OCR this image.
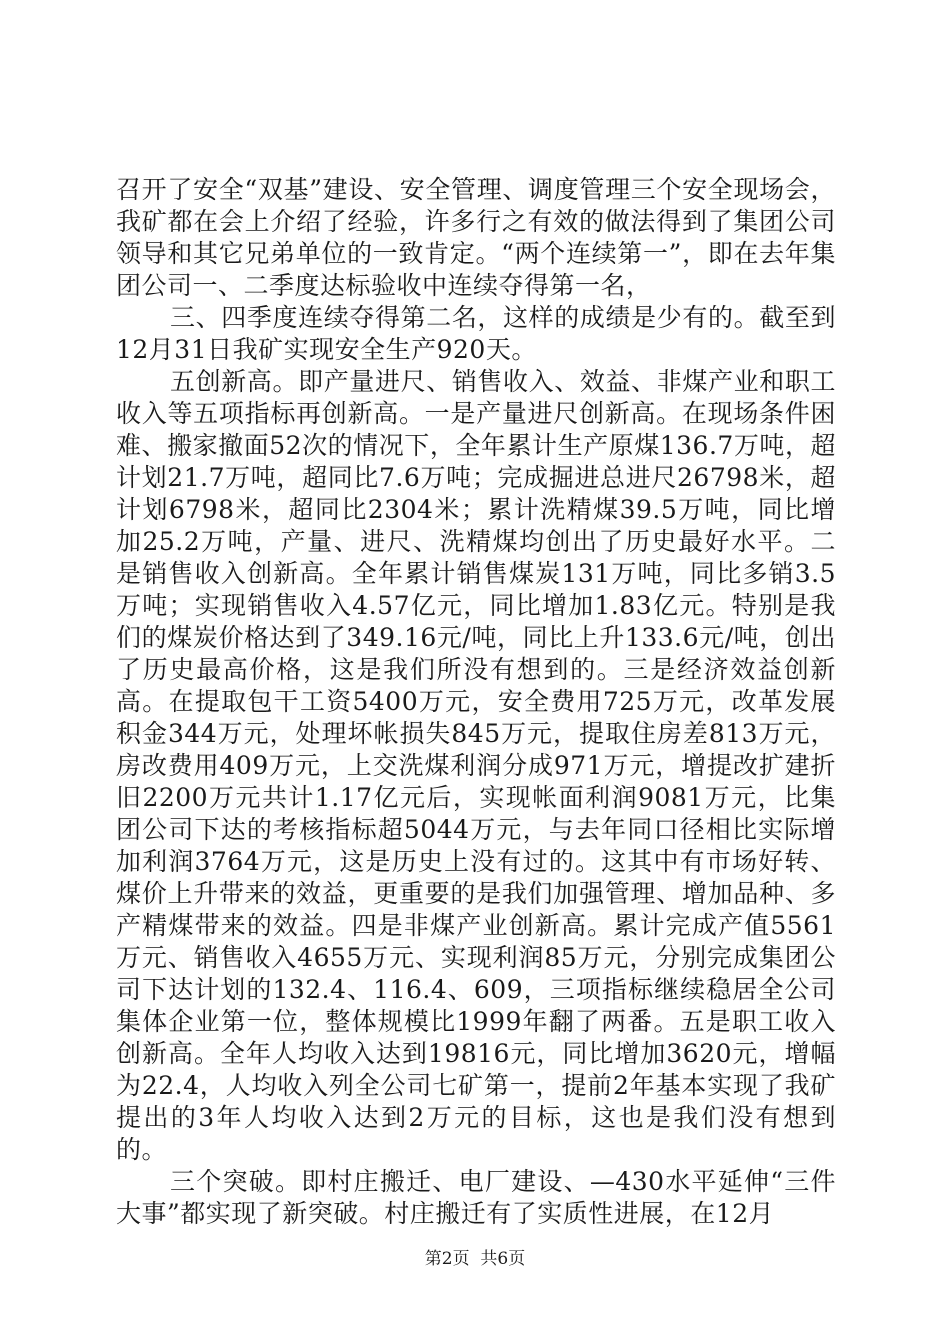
召开了安全“双基”建设、安全管理、调度管理三个安全现场会，我矿都在会上介绍了经验，许多行之有效的做法得到了集团公司领导和其它兄弟单位的一致肯定。“两个连续第一”，即在去年集团公司一、二季度达标验收中连续夺得第一名，

三、四季度连续夺得第二名，这样的成绩是少有的。截至到12月31日我矿实现安全生产920天。

五创新高。即产量进尺、销售收入、效益、非煤产业和职工收入等五项指标再创新高。一是产量进尺创新高。在现场条件困难、搬家撤面52次的情况下，全年累计生产原煤136.7万吨，超计划21.7万吨，超同比7.6万吨；完成掘进总进尺26798米，超计划6798米，超同比2304米；累计洗精煤39.5万吨，同比增加25.2万吨，产量、进尺、洗精煤均创出了历史最好水平。二是销售收入创新高。全年累计销售煤炭131万吨，同比多销3.5万吨；实现销售收入4.57亿元，同比增加1.83亿元。特别是我们的煤炭价格达到了349.16元/吨，同比上升133.6元/吨，创出了历史最高价格，这是我们所没有想到的。三是经济效益创新高。在提取包干工资5400万元，安全费用725万元，改革发展积金344万元，处理坏帐损失845万元，提取住房差813万元，房改费用409万元，上交洗煤利润分成971万元，增提改扩建折旧2200万元共计1.17亿元后，实现帐面利润9081万元，比集团公司下达的考核指标超5044万元，与去年同口径相比实际增加利润3764万元，这是历史上没有过的。这其中有市场好转、煤价上升带来的效益，更重要的是我们加强管理、增加品种、多产精煤带来的效益。四是非煤产业创新高。累计完成产值5561万元、销售收入4655万元、实现利润85万元，分别完成集团公司下达计划的132.4、116.4、609，三项指标继续稳居全公司集体企业第一位，整体规模比1999年翻了两番。五是职工收入创新高。全年人均收入达到19816元，同比增加3620元，增幅为22.4，人均收入列全公司七矿第一，提前2年基本实现了我矿提出的3年人均收入达到2万元的目标，这也是我们没有想到的。

三个突破。即村庄搬迁、电厂建设、—430水平延伸“三件大事”都实现了新突破。村庄搬迁有了实质性进展，在12月

第2页  共6页
